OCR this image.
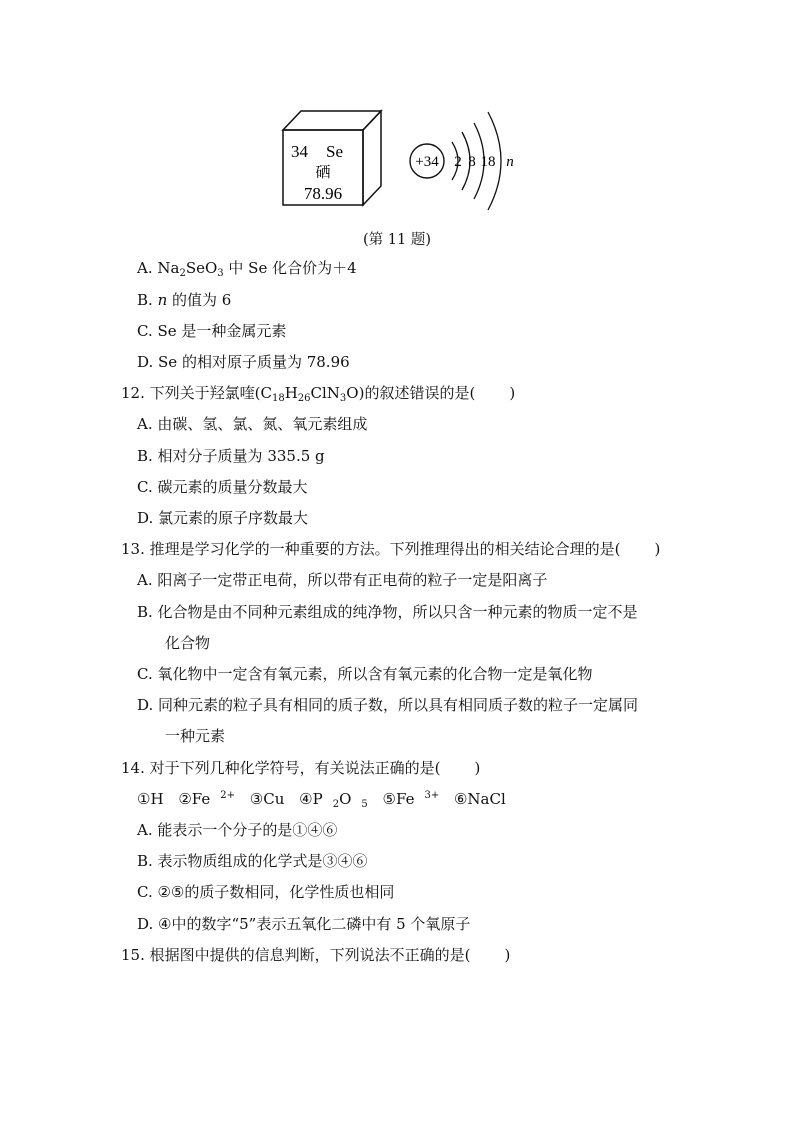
34 Se
硒
78.96
+34 2 8 18 n
(第 11 题)
A. $Na_2SeO_3$ 中 Se 化合价为＋4
B. n 的值为 6
C. Se 是一种金属元素
D. Se 的相对原子质量为 78.96
12. 下列关于羟氯喹$(C_{18}H_{26}ClN_3O)$的叙述错误的是( )
A. 由碳、氢、氯、氮、氧元素组成
B. 相对分子质量为 335.5 g
C. 碳元素的质量分数最大
D. 氯元素的原子序数最大
13. 推理是学习化学的一种重要的方法。下列推理得出的相关结论合理的是( )
A. 阳离子一定带正电荷，所以带有正电荷的粒子一定是阳离子
B. 化合物是由不同种元素组成的纯净物，所以只含一种元素的物质一定不是
化合物
C. 氧化物中一定含有氧元素，所以含有氧元素的化合物一定是氧化物
D. 同种元素的粒子具有相同的质子数，所以具有相同质子数的粒子一定属同
一种元素
14. 对于下列几种化学符号，有关说法正确的是( )
①H ②Fe $^{2+}$ ③Cu ④P $_2$O $_5$ ⑤Fe $^{3+}$ ⑥NaCl
A. 能表示一个分子的是①④⑥
B. 表示物质组成的化学式是③④⑥
C. ②⑤的质子数相同，化学性质也相同
D. ④中的数字“5”表示五氧化二磷中有 5 个氧原子
15. 根据图中提供的信息判断，下列说法不正确的是( )
